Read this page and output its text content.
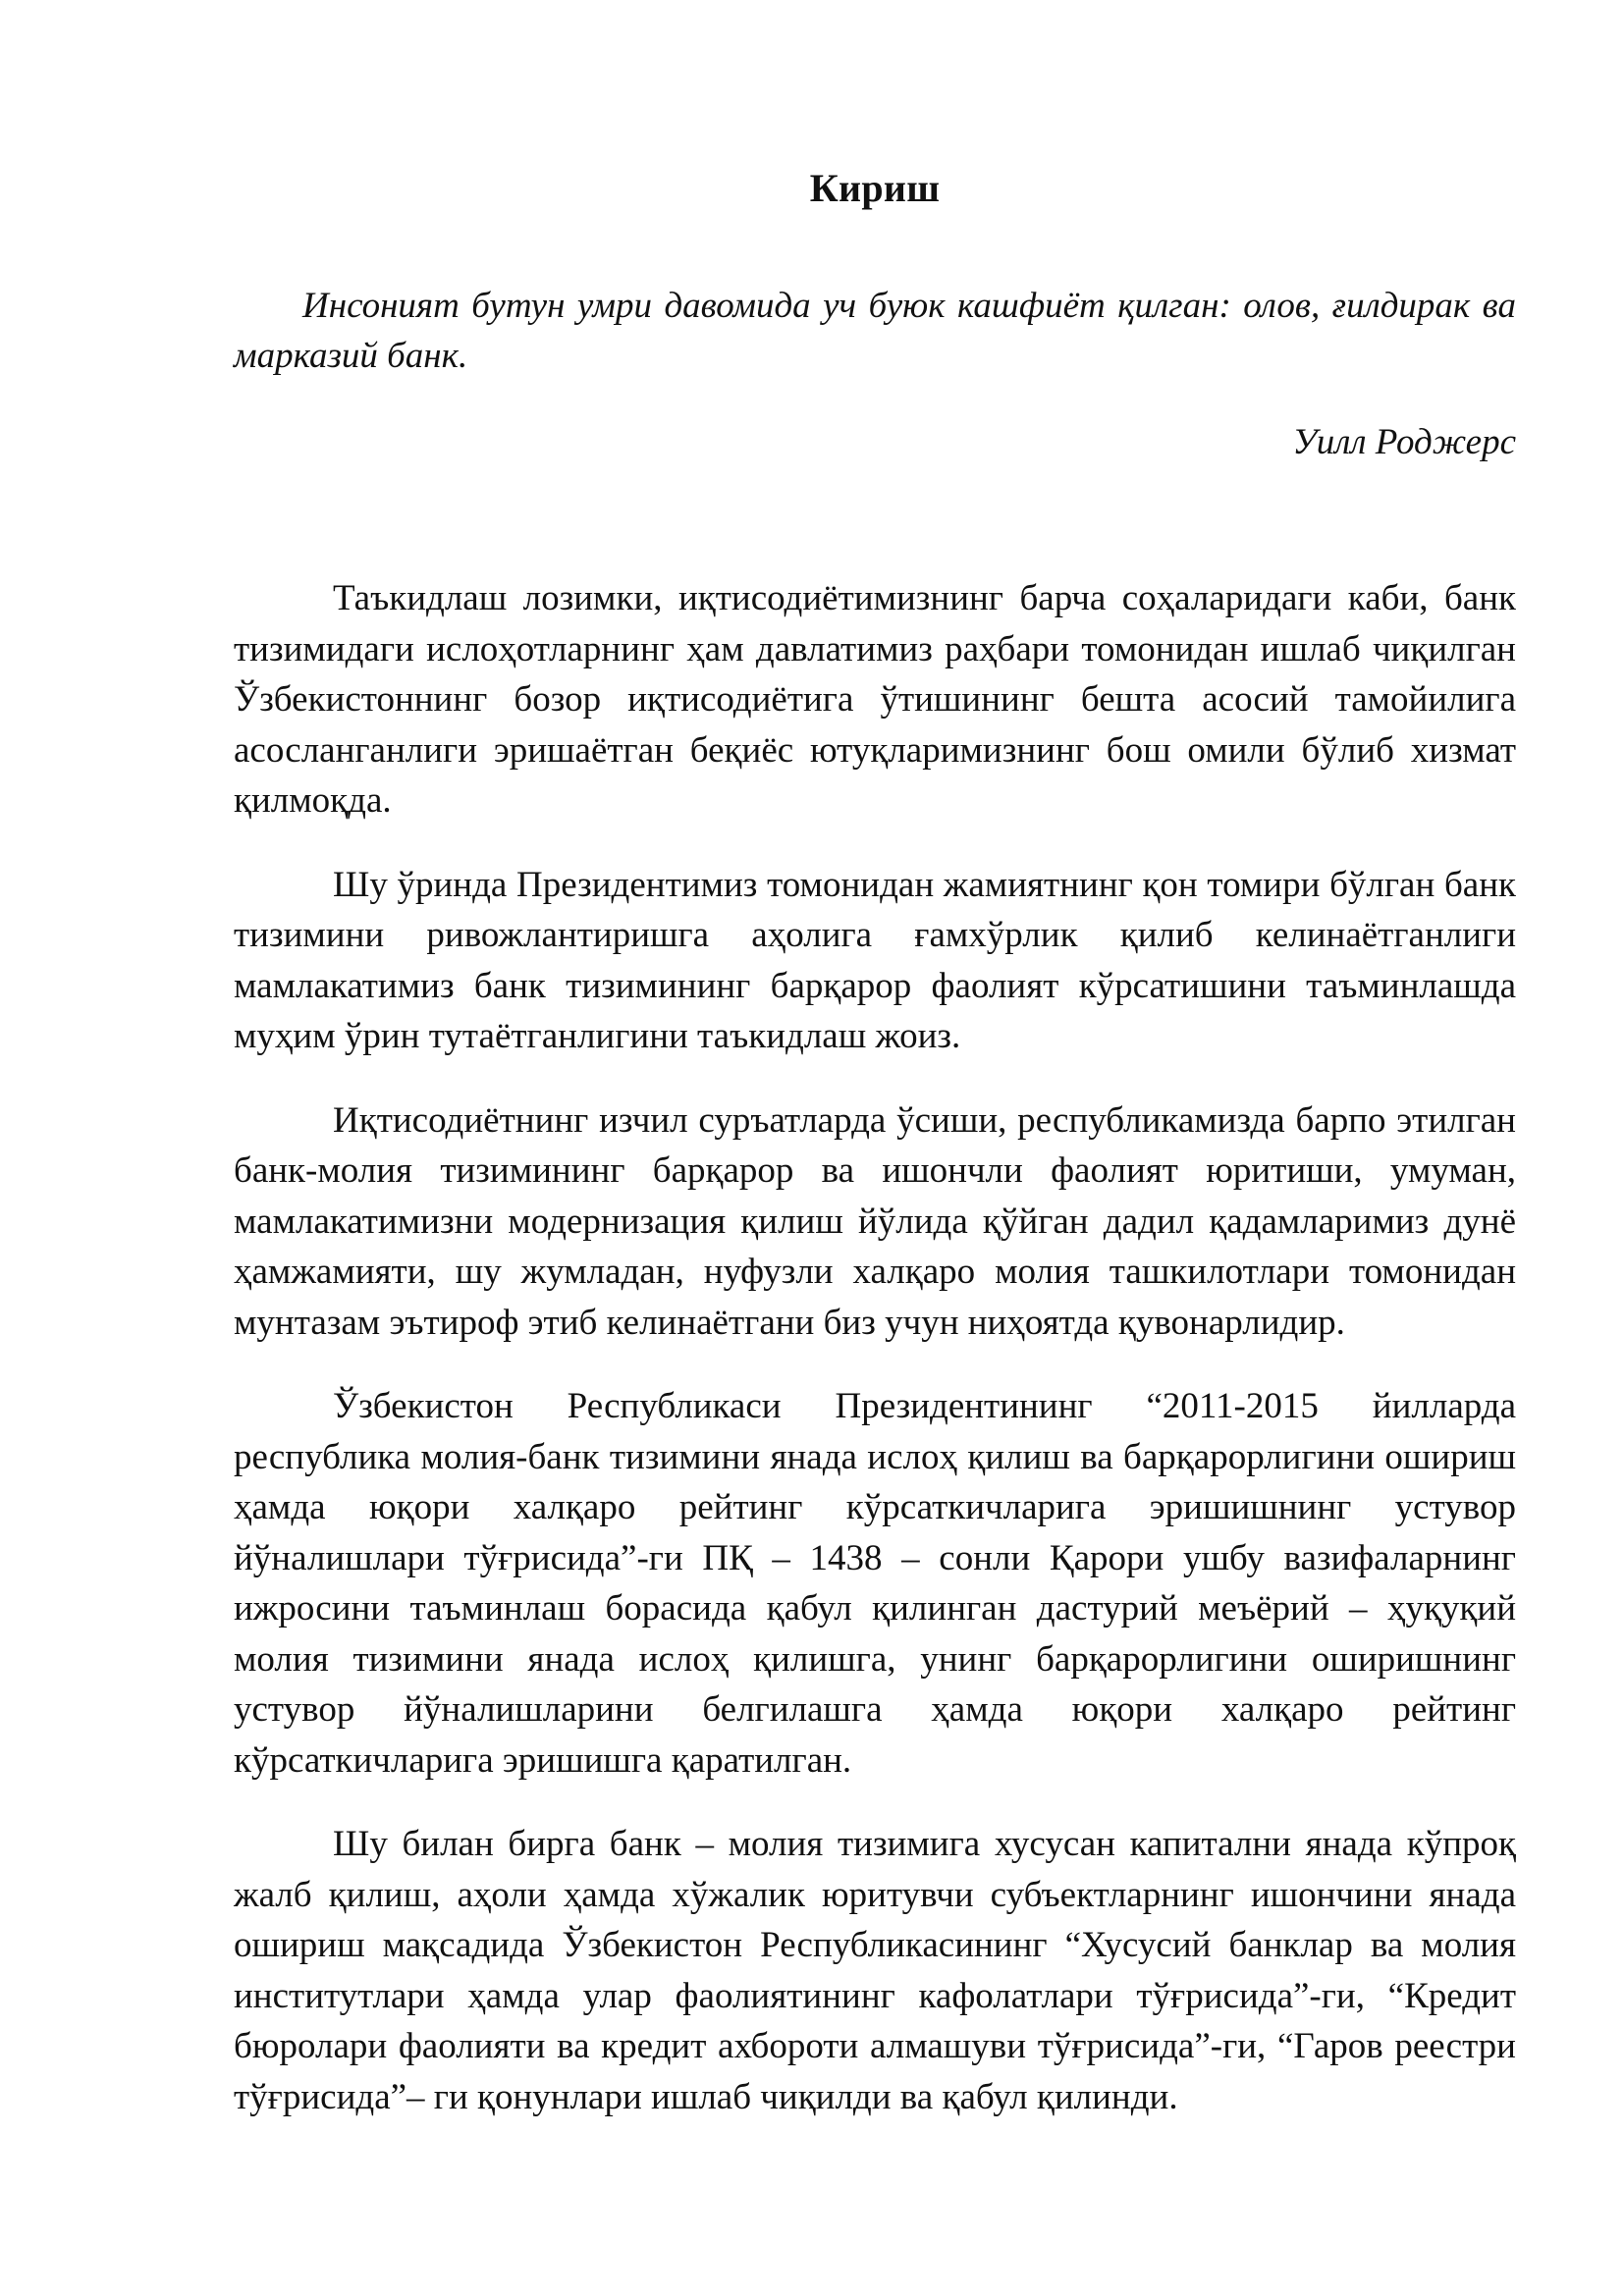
Кириш

Инсоният бутун умри давомида уч буюк кашфиёт қилган: олов, ғилдирак ва марказий банк.

Уилл Роджерс

Таъкидлаш лозимки, иқтисодиётимизнинг барча соҳаларидаги каби, банк тизимидаги ислоҳотларнинг ҳам давлатимиз раҳбари томонидан ишлаб чиқилган Ўзбекистоннинг бозор иқтисодиётига ўтишининг бешта асосий тамойилига асосланганлиги эришаётган беқиёс ютуқларимизнинг бош омили бўлиб хизмат қилмоқда.

Шу ўринда Президентимиз томонидан жамиятнинг қон томири бўлган банк тизимини ривожлантиришга аҳолига ғамхўрлик қилиб келинаётганлиги мамлакатимиз банк тизимининг барқарор фаолият кўрсатишини таъминлашда муҳим ўрин тутаётганлигини таъкидлаш жоиз.

Иқтисодиётнинг изчил суръатларда ўсиши, республикамизда барпо этилган банк-молия тизимининг барқарор ва ишончли фаолият юритиши, умуман, мамлакатимизни модернизация қилиш йўлида қўйган дадил қадамларимиз дунё ҳамжамияти, шу жумладан, нуфузли халқаро молия ташкилотлари томонидан мунтазам эътироф этиб келинаётгани биз учун ниҳоятда қувонарлидир.

Ўзбекистон Республикаси Президентининг “2011-2015 йилларда республика молия-банк тизимини янада ислоҳ қилиш ва барқарорлигини ошириш ҳамда юқори халқаро рейтинг кўрсаткичларига эришишнинг устувор йўналишлари тўғрисида”-ги ПҚ – 1438 – сонли Қарори ушбу вазифаларнинг ижросини таъминлаш борасида қабул қилинган дастурий меъёрий – ҳуқуқий молия тизимини янада ислоҳ қилишга, унинг барқарорлигини оширишнинг устувор йўналишларини белгилашга ҳамда юқори халқаро рейтинг кўрсаткичларига эришишга қаратилган.

Шу билан бирга банк – молия тизимига хусусан капитални янада кўпроқ жалб қилиш, аҳоли ҳамда хўжалик юритувчи субъектларнинг ишончини янада ошириш мақсадида Ўзбекистон Республикасининг “Хусусий банклар ва молия институтлари ҳамда улар фаолиятининг кафолатлари тўғрисида”-ги, “Кредит бюролари фаолияти ва кредит ахбороти алмашуви тўғрисида”-ги, “Гаров реестри тўғрисида”– ги қонунлари ишлаб чиқилди ва қабул қилинди.
